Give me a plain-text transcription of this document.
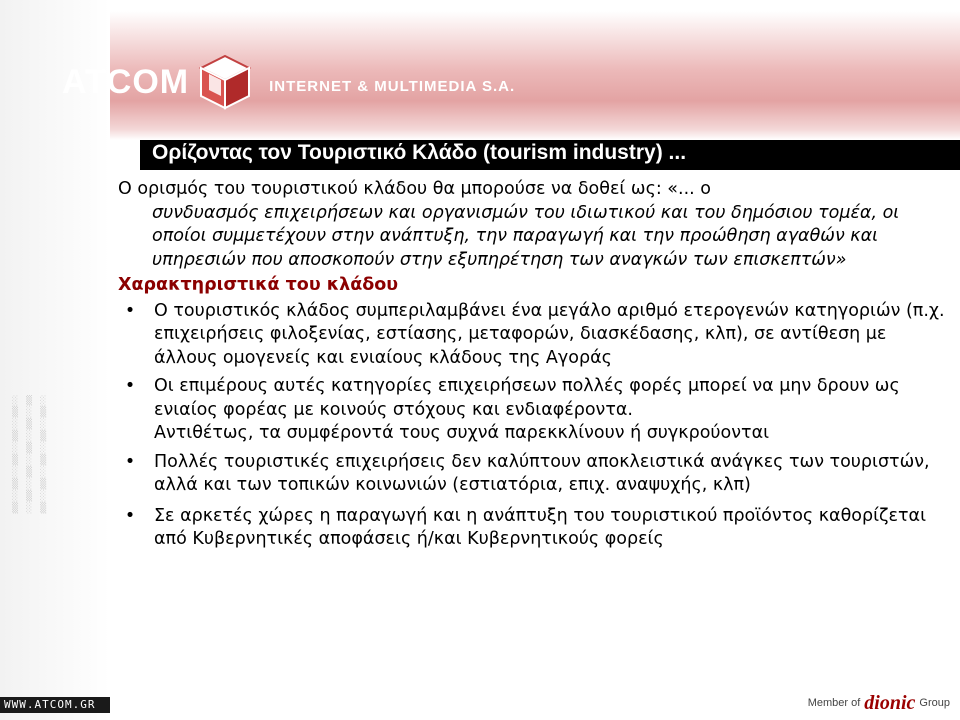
░ ▒ ░
▒ ░ ▒
░ ▒ ░
▒ ░ ▒
░ ▒ ░
▒ ░ ▒
░ ▒ ░
▒ ░ ▒
░ ▒ ░
▒ ░ ▒
ATCOM	INTERNET & MULTIMEDIA S.A.
Ορίζοντας τον Τουριστικό Κλάδο (tourism industry) ...
Ο ορισμός του τουριστικού κλάδου θα μπορούσε να δοθεί ως: «... ο
συνδυασμός επιχειρήσεων και οργανισμών του ιδιωτικού και του δημόσιου τομέα, οι οποίοι συμμετέχουν στην ανάπτυξη, την παραγωγή και την προώθηση αγαθών και υπηρεσιών που αποσκοπούν στην εξυπηρέτηση των αναγκών των επισκεπτών»
Χαρακτηριστικά του κλάδου
• Ο τουριστικός κλάδος συμπεριλαμβάνει ένα μεγάλο αριθμό ετερογενών κατηγοριών (π.χ. επιχειρήσεις φιλοξενίας, εστίασης, μεταφορών, διασκέδασης, κλπ), σε αντίθεση με άλλους ομογενείς και ενιαίους κλάδους της Αγοράς
• Οι επιμέρους αυτές κατηγορίες επιχειρήσεων πολλές φορές μπορεί να μην δρουν ως ενιαίος φορέας με κοινούς στόχους και ενδιαφέροντα.
Αντιθέτως, τα συμφέροντά τους συχνά παρεκκλίνουν ή συγκρούονται
• Πολλές τουριστικές επιχειρήσεις δεν καλύπτουν αποκλειστικά ανάγκες των τουριστών, αλλά και των τοπικών κοινωνιών (εστιατόρια, επιχ. αναψυχής, κλπ)
• Σε αρκετές χώρες η παραγωγή και η ανάπτυξη του τουριστικού προϊόντος καθορίζεται από Κυβερνητικές αποφάσεις ή/και Κυβερνητικούς φορείς
WWW.ATCOM.GR	Member of dionic Group
